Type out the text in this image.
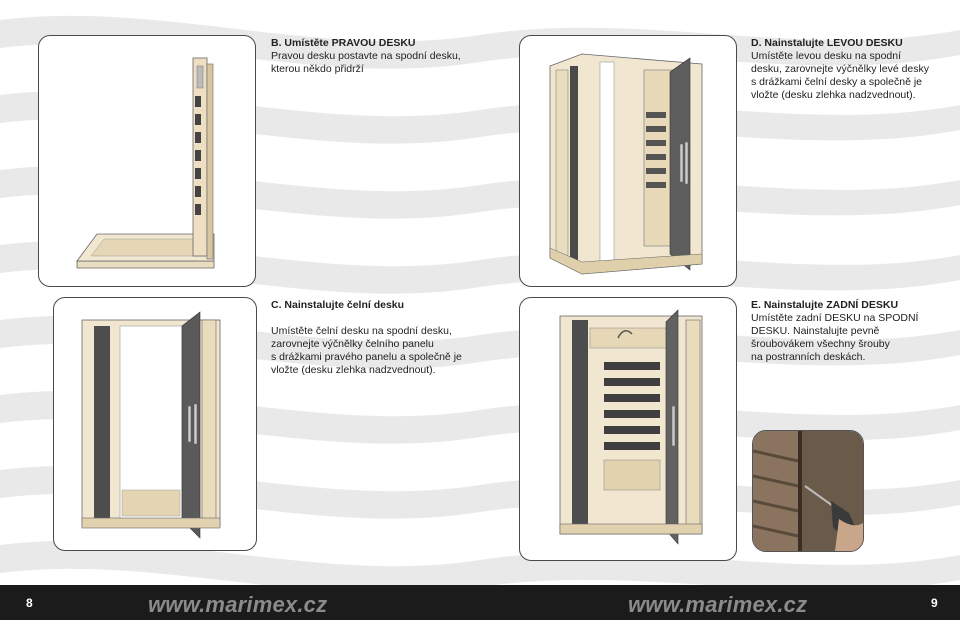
B. Umístěte PRAVOU DESKU
Pravou desku postavte na spodní desku,
kterou někdo přidrží
C. Nainstalujte čelní desku
Umístěte čelní desku na spodní desku,
zarovnejte výčnělky čelního panelu
s drážkami pravého panelu a společně je
vložte (desku zlehka nadzvednout).
D. Nainstalujte LEVOU DESKU
Umístěte levou desku na spodní
desku, zarovnejte výčnělky levé desky
s drážkami čelní desky a společně je
vložte (desku zlehka nadzvednout).
E. Nainstalujte ZADNÍ DESKU
Umístěte zadní DESKU na SPODNÍ
DESKU. Nainstalujte pevně
šroubovákem všechny šrouby
na postranních deskách.
8	www.marimex.cz	www.marimex.cz	9
